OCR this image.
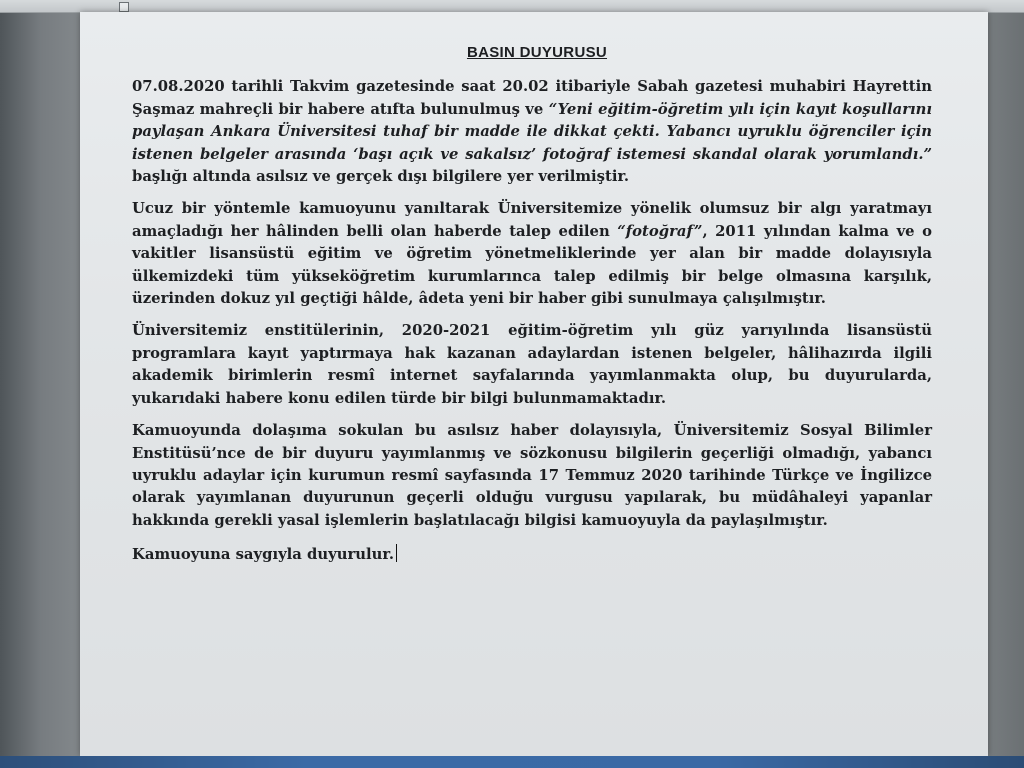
BASIN DUYURUSU

07.08.2020 tarihli Takvim gazetesinde saat 20.02 itibariyle Sabah gazetesi muhabiri Hayrettin Şaşmaz mahreçli bir habere atıfta bulunulmuş ve “Yeni eğitim-öğretim yılı için kayıt koşullarını paylaşan Ankara Üniversitesi tuhaf bir madde ile dikkat çekti. Yabancı uyruklu öğrenciler için istenen belgeler arasında ‘başı açık ve sakalsız’ fotoğraf istemesi skandal olarak yorumlandı.” başlığı altında asılsız ve gerçek dışı bilgilere yer verilmiştir.

Ucuz bir yöntemle kamuoyunu yanıltarak Üniversitemize yönelik olumsuz bir algı yaratmayı amaçladığı her hâlinden belli olan haberde talep edilen “fotoğraf”, 2011 yılından kalma ve o vakitler lisansüstü eğitim ve öğretim yönetmeliklerinde yer alan bir madde dolayısıyla ülkemizdeki tüm yükseköğretim kurumlarınca talep edilmiş bir belge olmasına karşılık, üzerinden dokuz yıl geçtiği hâlde, âdeta yeni bir haber gibi sunulmaya çalışılmıştır.

Üniversitemiz enstitülerinin, 2020-2021 eğitim-öğretim yılı güz yarıyılında lisansüstü programlara kayıt yaptırmaya hak kazanan adaylardan istenen belgeler, hâlihazırda ilgili akademik birimlerin resmî internet sayfalarında yayımlanmakta olup, bu duyurularda, yukarıdaki habere konu edilen türde bir bilgi bulunmamaktadır.

Kamuoyunda dolaşıma sokulan bu asılsız haber dolayısıyla, Üniversitemiz Sosyal Bilimler Enstitüsü’nce de bir duyuru yayımlanmış ve sözkonusu bilgilerin geçerliği olmadığı, yabancı uyruklu adaylar için kurumun resmî sayfasında 17 Temmuz 2020 tarihinde Türkçe ve İngilizce olarak yayımlanan duyurunun geçerli olduğu vurgusu yapılarak, bu müdâhaleyi yapanlar hakkında gerekli yasal işlemlerin başlatılacağı bilgisi kamuoyuyla da paylaşılmıştır.

Kamuoyuna saygıyla duyurulur.
